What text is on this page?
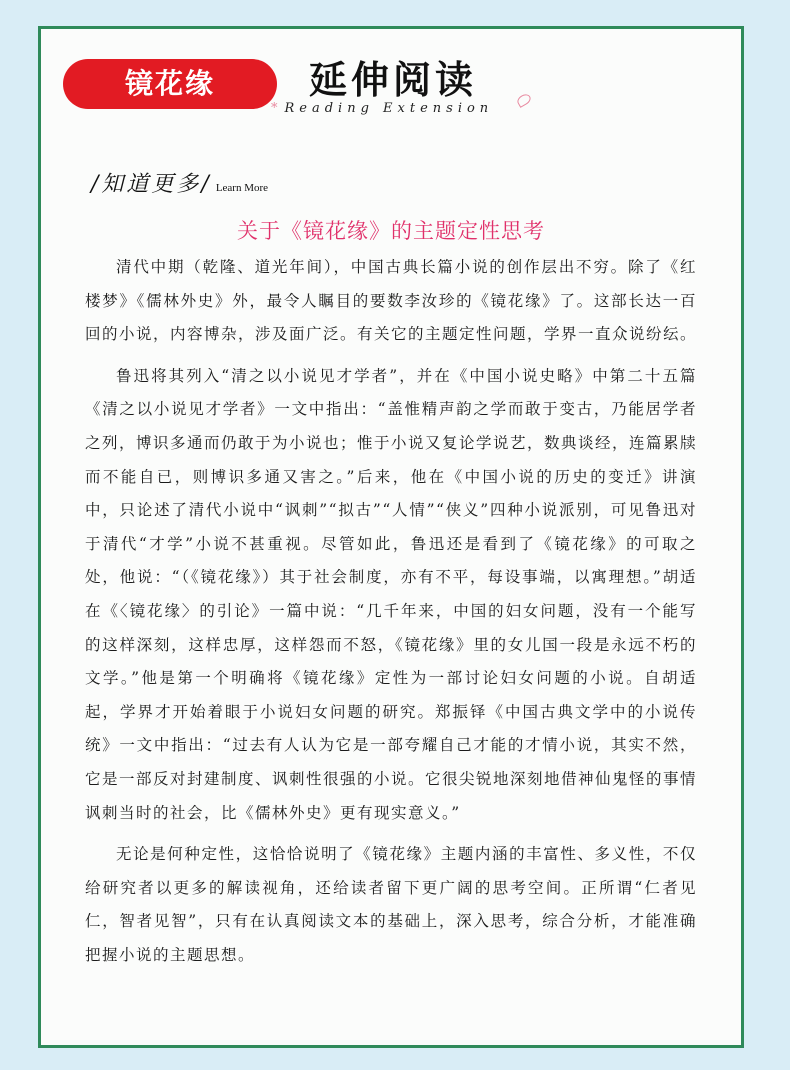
镜花缘	延伸阅读
* Reading Extension
/知道更多/ Learn More
关于《镜花缘》的主题定性思考

清代中期（乾隆、道光年间），中国古典长篇小说的创作层出不穷。除了《红楼梦》《儒林外史》外，最令人瞩目的要数李汝珍的《镜花缘》了。这部长达一百回的小说，内容博杂，涉及面广泛。有关它的主题定性问题，学界一直众说纷纭。

鲁迅将其列入“清之以小说见才学者”，并在《中国小说史略》中第二十五篇《清之以小说见才学者》一文中指出：“盖惟精声韵之学而敢于变古，乃能居学者之列，博识多通而仍敢于为小说也；惟于小说又复论学说艺，数典谈经，连篇累牍而不能自已，则博识多通又害之。”后来，他在《中国小说的历史的变迁》讲演中，只论述了清代小说中“讽刺”“拟古”“人情”“侠义”四种小说派别，可见鲁迅对于清代“才学”小说不甚重视。尽管如此，鲁迅还是看到了《镜花缘》的可取之处，他说：“（《镜花缘》）其于社会制度，亦有不平，每设事端，以寓理想。”胡适在《〈镜花缘〉的引论》一篇中说：“几千年来，中国的妇女问题，没有一个能写的这样深刻，这样忠厚，这样怨而不怒，《镜花缘》里的女儿国一段是永远不朽的文学。”他是第一个明确将《镜花缘》定性为一部讨论妇女问题的小说。自胡适起，学界才开始着眼于小说妇女问题的研究。郑振铎《中国古典文学中的小说传统》一文中指出：“过去有人认为它是一部夸耀自己才能的才情小说，其实不然，它是一部反对封建制度、讽刺性很强的小说。它很尖锐地深刻地借神仙鬼怪的事情讽刺当时的社会，比《儒林外史》更有现实意义。”

无论是何种定性，这恰恰说明了《镜花缘》主题内涵的丰富性、多义性，不仅给研究者以更多的解读视角，还给读者留下更广阔的思考空间。正所谓“仁者见仁，智者见智”，只有在认真阅读文本的基础上，深入思考，综合分析，才能准确把握小说的主题思想。
